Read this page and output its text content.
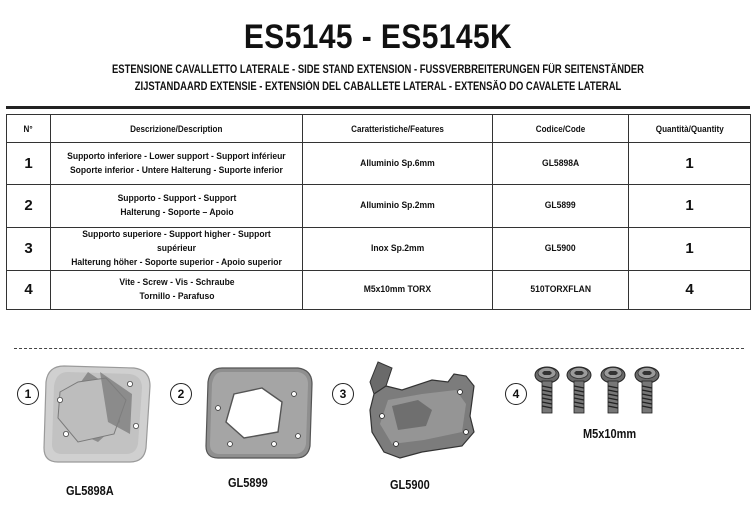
ES5145 - ES5145K
ESTENSIONE CAVALLETTO LATERALE - SIDE STAND EXTENSION - FUSSVERBREITERUNGEN FÜR SEITENSTÄNDER
ZIJSTANDAARD EXTENSIE - EXTENSIÓN DEL CABALLETE LATERAL - EXTENSÃO DO CAVALETE LATERAL
N°	Descrizione/Description	Caratteristiche/Features	Codice/Code	Quantità/Quantity
1	Supporto inferiore - Lower support - Support inférieur
Soporte inferior - Untere Halterung - Suporte inferior	Alluminio Sp.6mm	GL5898A	1
2	Supporto - Support - Support
Halterung - Soporte – Apoio	Alluminio Sp.2mm	GL5899	1
3	Supporto superiore - Support higher - Support supérieur
Halterung höher - Soporte superior - Apoio superior	Inox Sp.2mm	GL5900	1
4	Vite - Screw - Vis - Schraube
Tornillo - Parafuso	M5x10mm TORX	510TORXFLAN	4
1
GL5898A
2
GL5899
3
GL5900
4
M5x10mm
